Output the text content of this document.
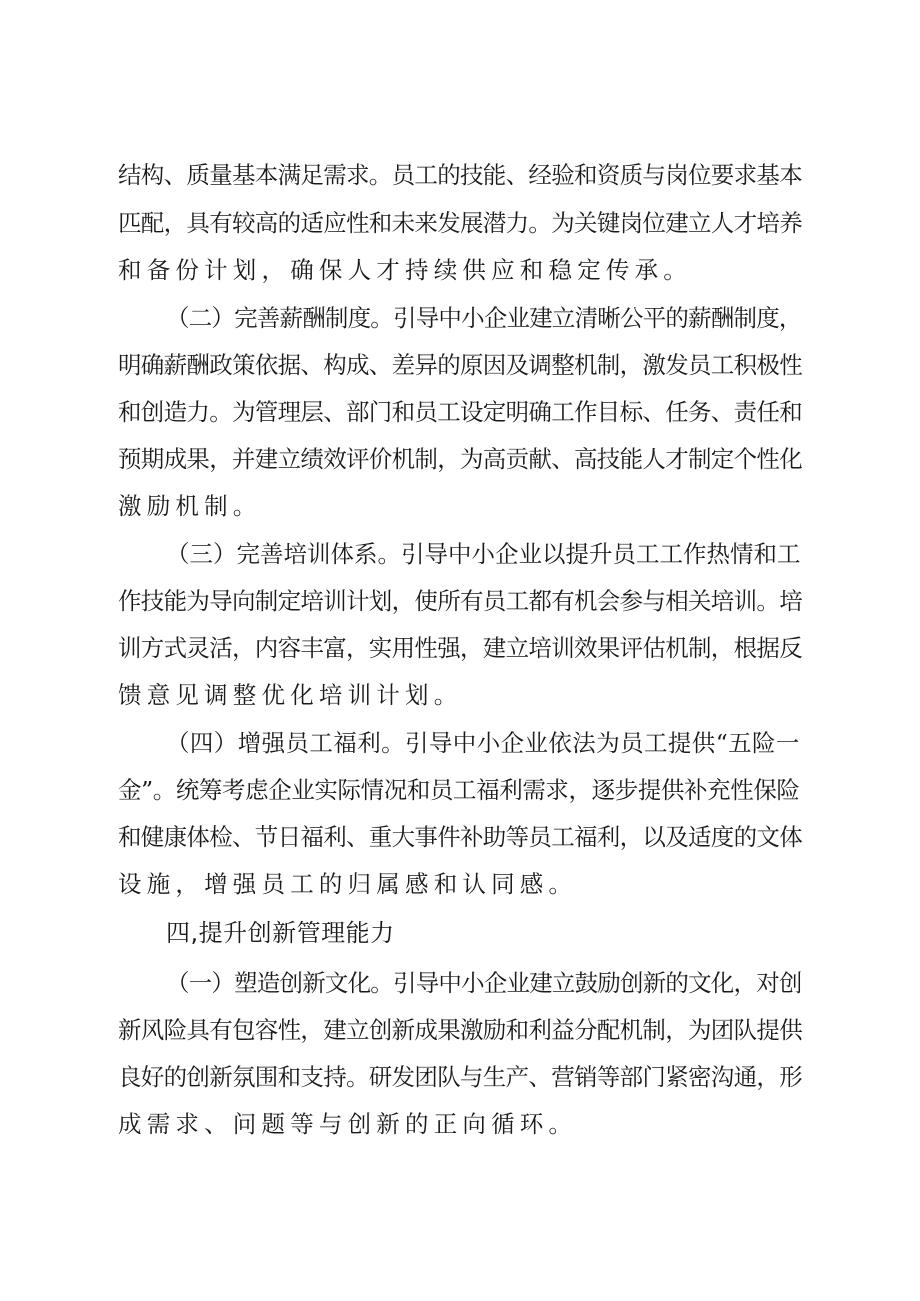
结构、质量基本满足需求。员工的技能、经验和资质与岗位要求基本
匹配，具有较高的适应性和未来发展潜力。为关键岗位建立人才培养
和备份计划，确保人才持续供应和稳定传承。
（二）完善薪酬制度。引导中小企业建立清晰公平的薪酬制度，
明确薪酬政策依据、构成、差异的原因及调整机制，激发员工积极性
和创造力。为管理层、部门和员工设定明确工作目标、任务、责任和
预期成果，并建立绩效评价机制，为高贡献、高技能人才制定个性化
激励机制。
（三）完善培训体系。引导中小企业以提升员工工作热情和工
作技能为导向制定培训计划，使所有员工都有机会参与相关培训。培
训方式灵活，内容丰富，实用性强，建立培训效果评估机制，根据反
馈意见调整优化培训计划。
（四）增强员工福利。引导中小企业依法为员工提供“五险一
金”。统筹考虑企业实际情况和员工福利需求，逐步提供补充性保险
和健康体检、节日福利、重大事件补助等员工福利，以及适度的文体
设施，增强员工的归属感和认同感。
四,提升创新管理能力
（一）塑造创新文化。引导中小企业建立鼓励创新的文化，对创
新风险具有包容性，建立创新成果激励和利益分配机制，为团队提供
良好的创新氛围和支持。研发团队与生产、营销等部门紧密沟通，形
成需求、问题等与创新的正向循环。
